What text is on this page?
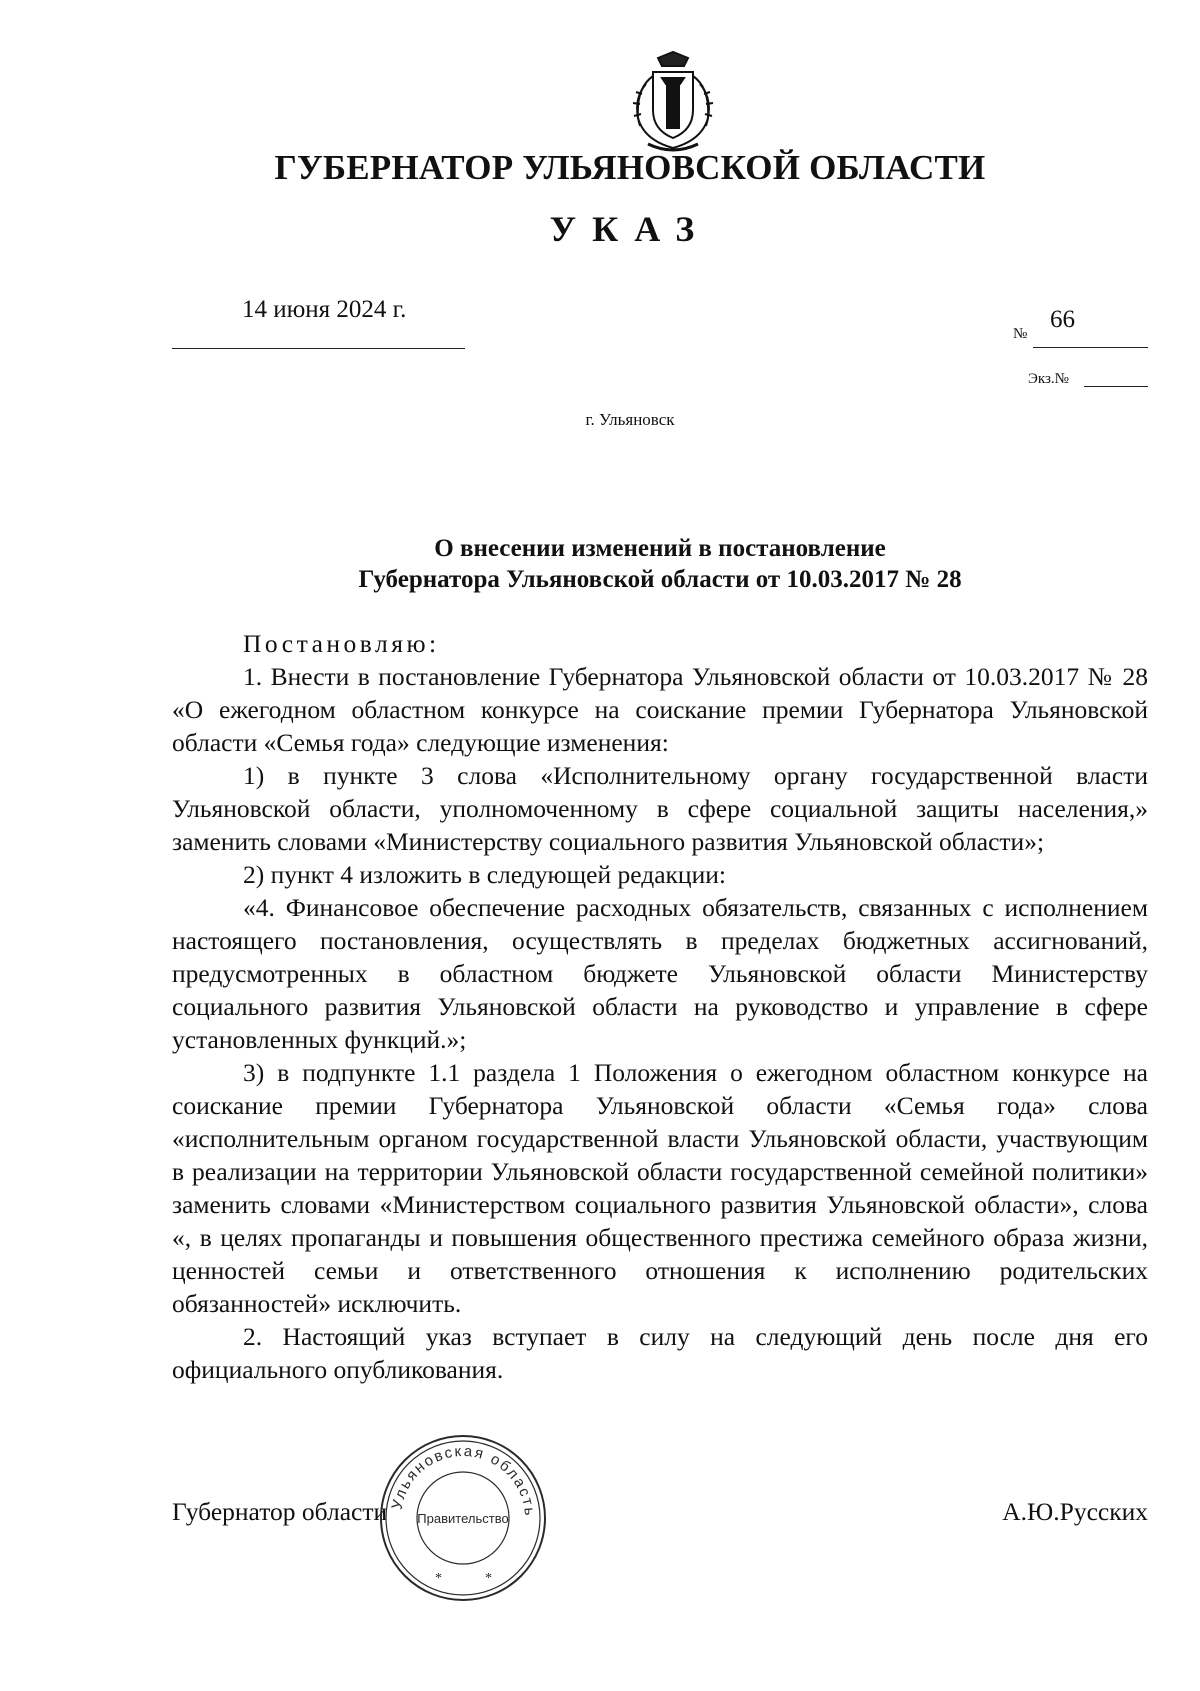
ГУБЕРНАТОР УЛЬЯНОВСКОЙ ОБЛАСТИ
УКАЗ
14 июня 2024 г.
№
66
Экз.№
г. Ульяновск
О внесении изменений в постановление
Губернатора Ульяновской области от 10.03.2017 № 28

Постановляю:

1. Внести в постановление Губернатора Ульяновской области от 10.03.2017 № 28 «О ежегодном областном конкурсе на соискание премии Губернатора Ульяновской области «Семья года» следующие изменения:

1) в пункте 3 слова «Исполнительному органу государственной власти Ульяновской области, уполномоченному в сфере социальной защиты населения,» заменить словами «Министерству социального развития Ульяновской области»;

2) пункт 4 изложить в следующей редакции:

«4. Финансовое обеспечение расходных обязательств, связанных с исполнением настоящего постановления, осуществлять в пределах бюджетных ассигнований, предусмотренных в областном бюджете Ульяновской области Министерству социального развития Ульяновской области на руководство и управление в сфере установленных функций.»;

3) в подпункте 1.1 раздела 1 Положения о ежегодном областном конкурсе на соискание премии Губернатора Ульяновской области «Семья года» слова «исполнительным органом государственной власти Ульяновской области, участвующим в реализации на территории Ульяновской области государственной семейной политики» заменить словами «Министерством социального развития Ульяновской области», слова «, в целях пропаганды и повышения общественного престижа семейного образа жизни, ценностей семьи и ответственного отношения к исполнению родительских обязанностей» исключить.

2. Настоящий указ вступает в силу на следующий день после дня его официального опубликования.

Губернатор области	А.Ю.Русских
Ульяновская область
Правительство
*	*
